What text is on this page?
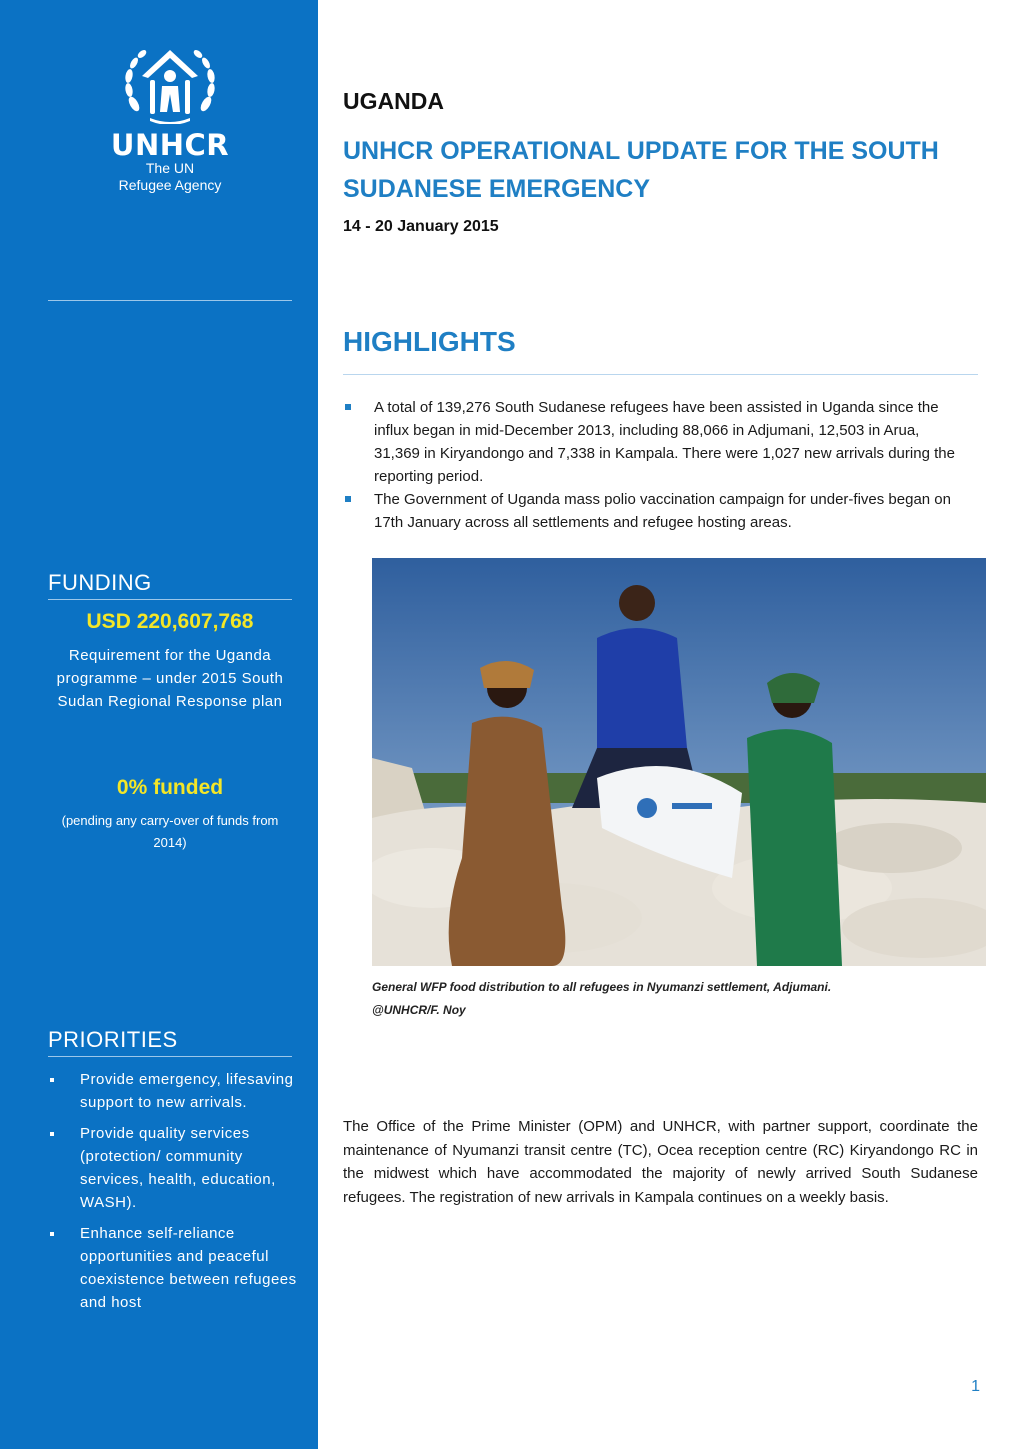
UNHCR
The UN
Refugee Agency
FUNDING
USD 220,607,768
Requirement for the Uganda programme – under 2015 South Sudan Regional Response plan
0% funded
(pending any carry-over of funds from 2014)
PRIORITIES
Provide emergency, lifesaving support to new arrivals.
Provide quality services (protection/ community services, health, education, WASH).
Enhance self-reliance opportunities and peaceful coexistence between refugees and host
UGANDA
UNHCR OPERATIONAL UPDATE FOR THE SOUTH SUDANESE EMERGENCY
14 - 20 January 2015
HIGHLIGHTS
A total of 139,276 South Sudanese refugees have been assisted in Uganda since the influx began in mid-December 2013, including 88,066 in Adjumani, 12,503 in Arua, 31,369 in Kiryandongo and 7,338 in Kampala. There were 1,027 new arrivals during the reporting period.
The Government of Uganda mass polio vaccination campaign for under-fives began on 17th January across all settlements and refugee hosting areas.
General WFP food distribution to all refugees in Nyumanzi settlement, Adjumani.
@UNHCR/F. Noy
The Office of the Prime Minister (OPM) and UNHCR, with partner support, coordinate the maintenance of Nyumanzi transit centre (TC), Ocea reception centre (RC) Kiryandongo RC in the midwest which have accommodated the majority of newly arrived South Sudanese refugees. The registration of new arrivals in Kampala continues on a weekly basis.
1
